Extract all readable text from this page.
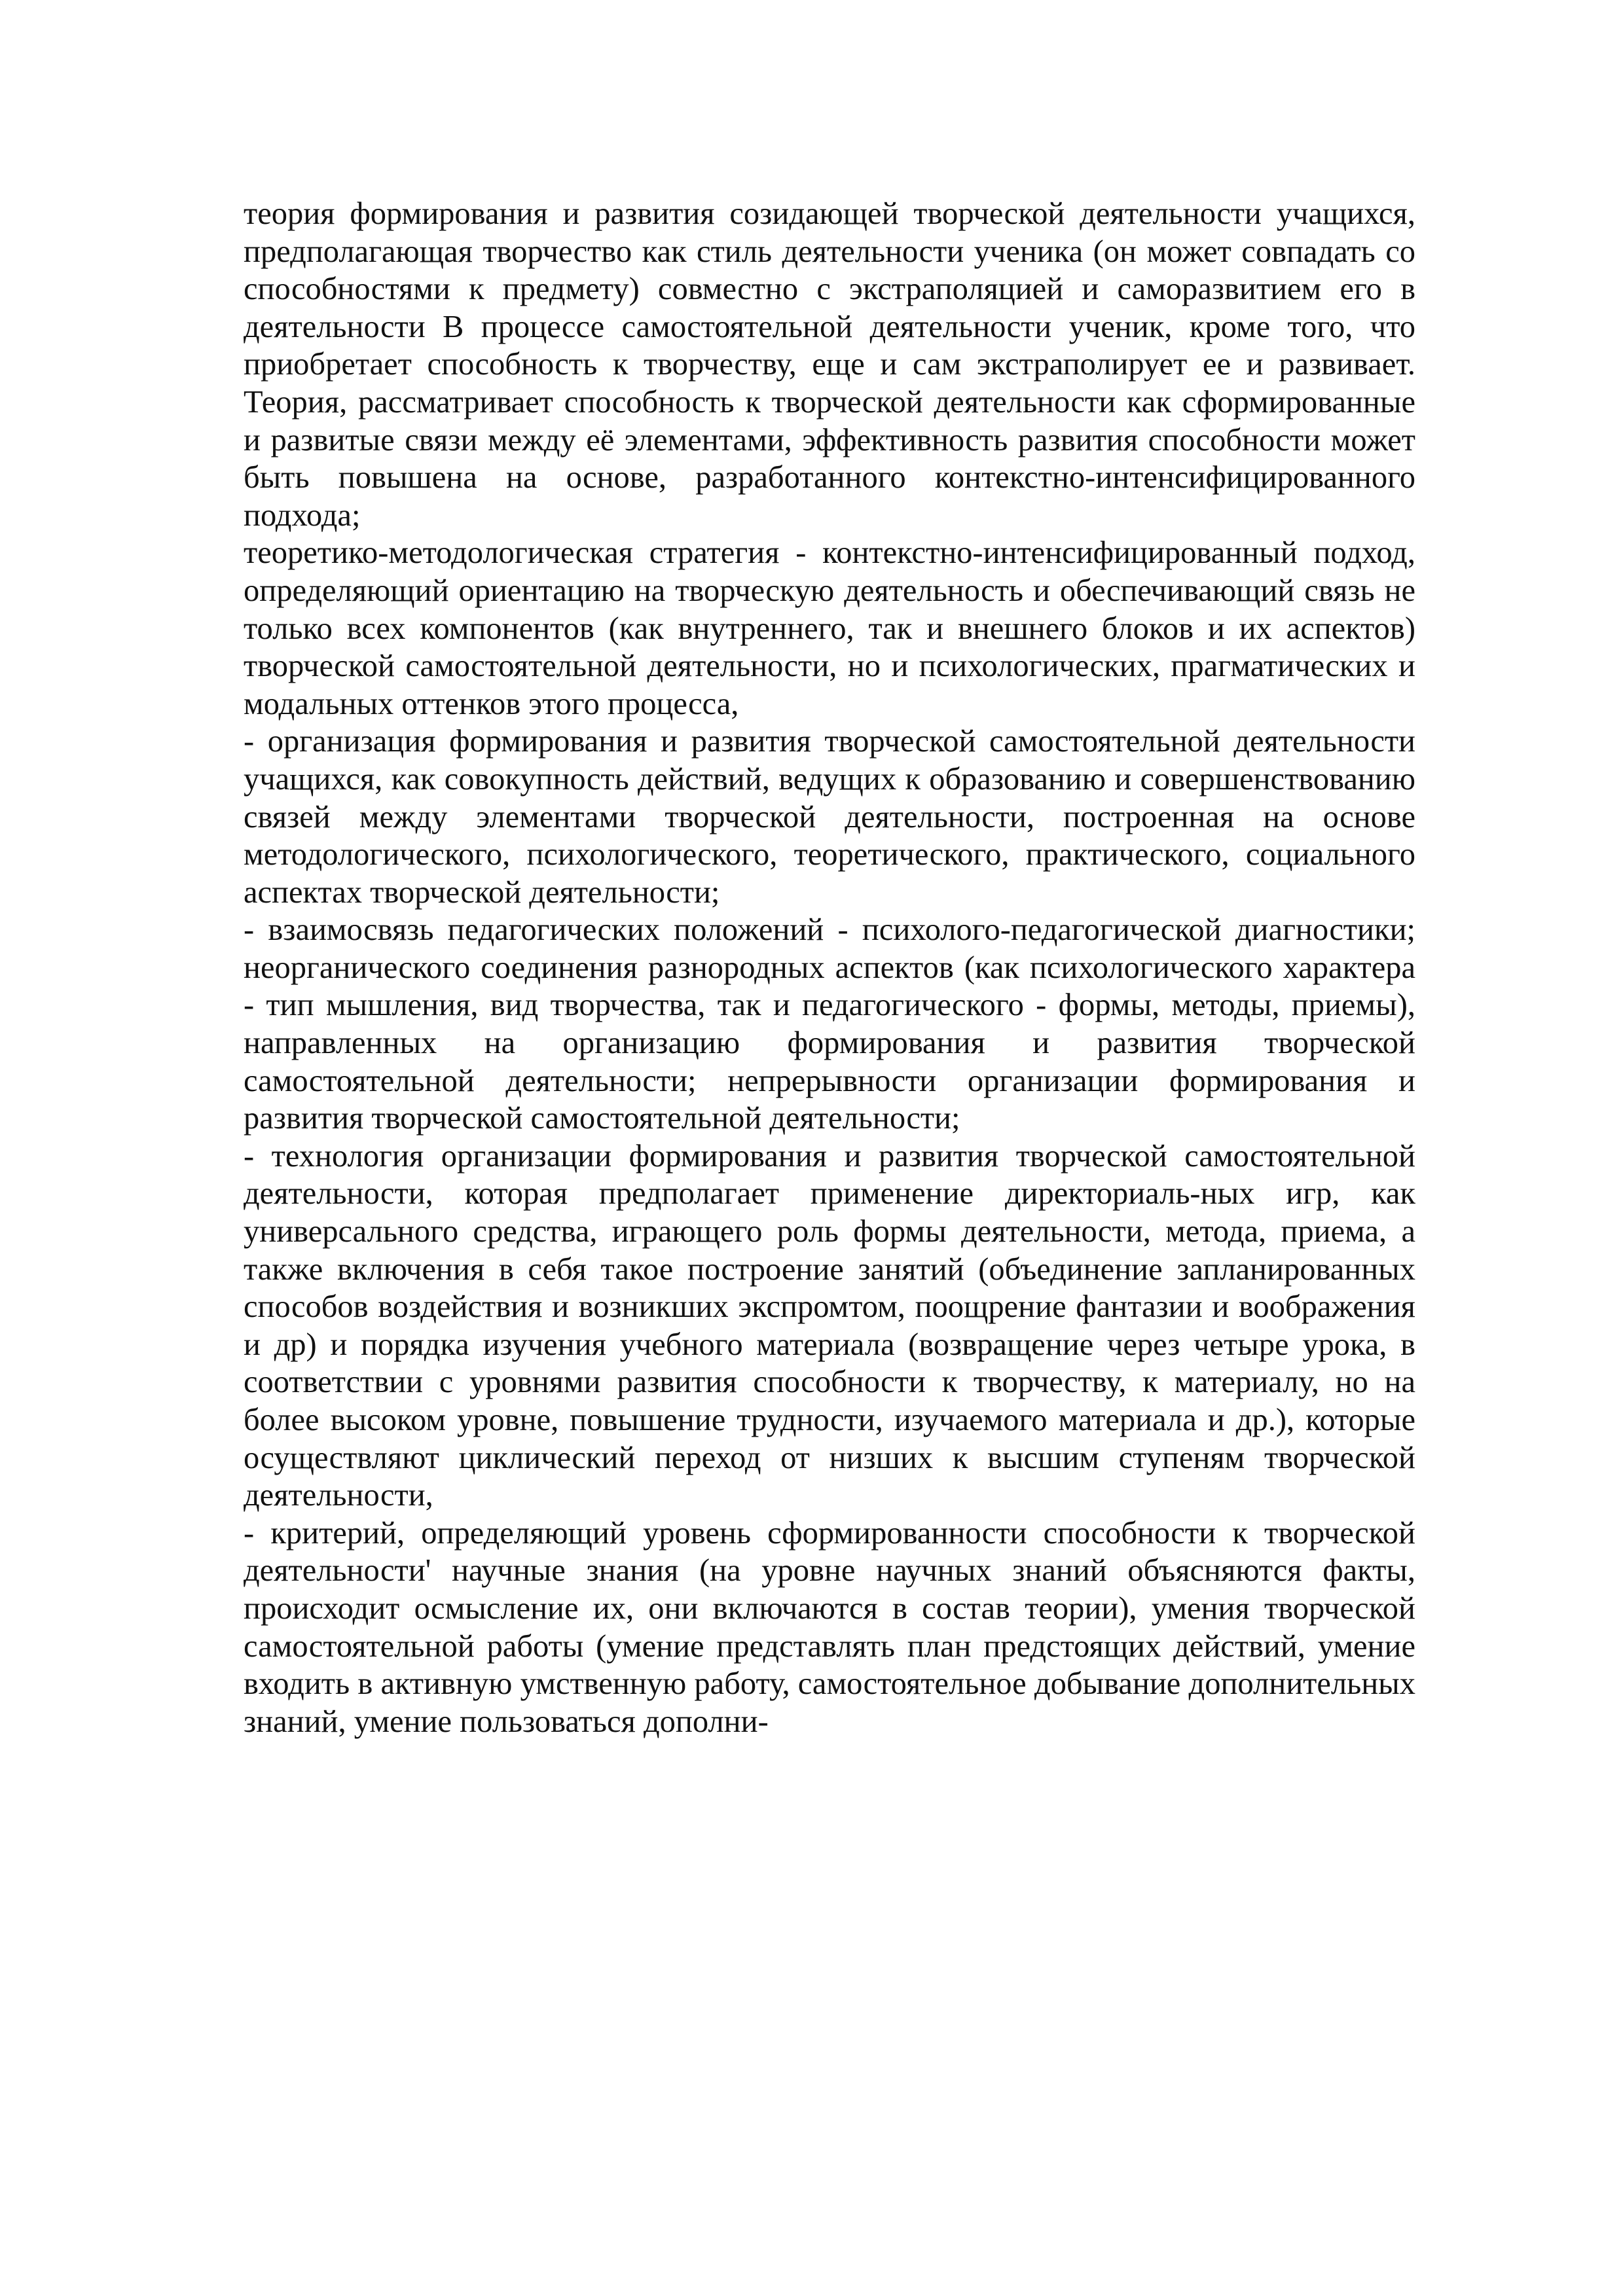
теория формирования и развития созидающей творческой деятельности учащихся, предполагающая творчество как стиль деятельности ученика (он может совпадать со способностями к предмету) совместно с экстраполяцией и саморазвитием его в деятельности В процессе самостоятельной деятельности ученик, кроме того, что приобретает способность к творчеству, еще и сам экстраполирует ее и развивает. Теория, рассматривает способность к творческой деятельности как сформированные и развитые связи между её элементами, эффективность развития способности может быть повышена на основе, разработанного контекстно-интенсифицированного подхода;

теоретико-методологическая стратегия - контекстно-интенсифицированный подход, определяющий ориентацию на творческую деятельность и обеспечивающий связь не только всех компонентов (как внутреннего, так и внешнего блоков и их аспектов) творческой самостоятельной деятельности, но и психологических, прагматических и модальных оттенков этого процесса,

- организация формирования и развития творческой самостоятельной деятельности учащихся, как совокупность действий, ведущих к образованию и совершенствованию связей между элементами творческой деятельности, построенная на основе методологического, психологического, теоретического, практического, социального аспектах творческой деятельности;

- взаимосвязь педагогических положений - психолого-педагогической диагностики; неорганического соединения разнородных аспектов (как психологического характера - тип мышления, вид творчества, так и педагогического - формы, методы, приемы), направленных на организацию формирования и развития творческой самостоятельной деятельности; непрерывности организации формирования и развития творческой самостоятельной деятельности;

- технология организации формирования и развития творческой самостоятельной деятельности, которая предполагает применение директориаль-ных игр, как универсального средства, играющего роль формы деятельности, метода, приема, а также включения в себя такое построение занятий (объединение запланированных способов воздействия и возникших экспромтом, поощрение фантазии и воображения и др) и порядка изучения учебного материала (возвращение через четыре урока, в соответствии с уровнями развития способности к творчеству, к материалу, но на более высоком уровне, повышение трудности, изучаемого материала и др.), которые осуществляют циклический переход от низших к высшим ступеням творческой деятельности,

- критерий, определяющий уровень сформированности способности к творческой деятельности' научные знания (на уровне научных знаний объясняются факты, происходит осмысление их, они включаются в состав теории), умения творческой самостоятельной работы (умение представлять план предстоящих действий, умение входить в активную умственную работу, самостоятельное добывание дополнительных знаний, умение пользоваться дополни-
